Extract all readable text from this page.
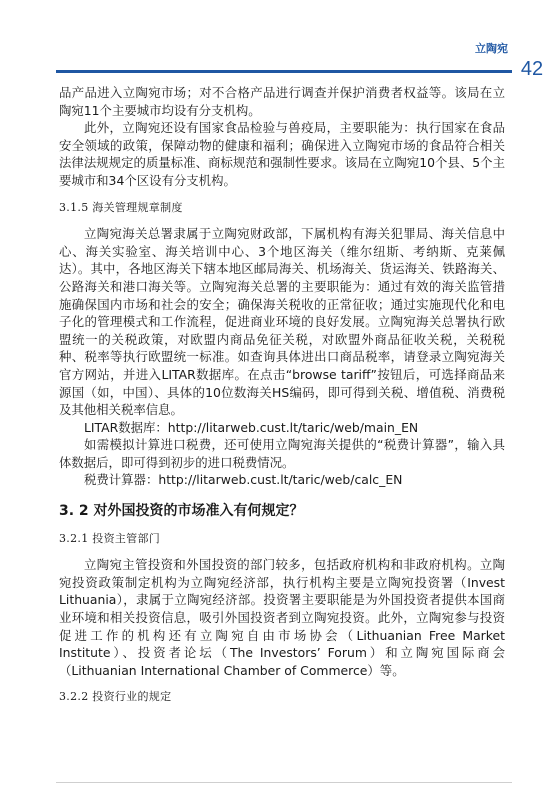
立陶宛
42

品产品进入立陶宛市场；对不合格产品进行调查并保护消费者权益等。该局在立陶宛11个主要城市均设有分支机构。

此外，立陶宛还设有国家食品检验与兽疫局，主要职能为：执行国家在食品安全领域的政策，保障动物的健康和福利；确保进入立陶宛市场的食品符合相关法律法规规定的质量标准、商标规范和强制性要求。该局在立陶宛10个县、5个主要城市和34个区设有分支机构。

3.1.5 海关管理规章制度

立陶宛海关总署隶属于立陶宛财政部，下属机构有海关犯罪局、海关信息中心、海关实验室、海关培训中心、3个地区海关（维尔纽斯、考纳斯、克莱佩达）。其中，各地区海关下辖本地区邮局海关、机场海关、货运海关、铁路海关、公路海关和港口海关等。立陶宛海关总署的主要职能为：通过有效的海关监管措施确保国内市场和社会的安全；确保海关税收的正常征收；通过实施现代化和电子化的管理模式和工作流程，促进商业环境的良好发展。立陶宛海关总署执行欧盟统一的关税政策，对欧盟内商品免征关税，对欧盟外商品征收关税，关税税种、税率等执行欧盟统一标准。如查询具体进出口商品税率，请登录立陶宛海关官方网站，并进入LITAR数据库。在点击“browse tariff”按钮后，可选择商品来源国（如，中国）、具体的10位数海关HS编码，即可得到关税、增值税、消费税及其他相关税率信息。

LITAR数据库：http://litarweb.cust.lt/taric/web/main_EN

如需模拟计算进口税费，还可使用立陶宛海关提供的“税费计算器”，输入具体数据后，即可得到初步的进口税费情况。

税费计算器：http://litarweb.cust.lt/taric/web/calc_EN

3. 2 对外国投资的市场准入有何规定？
3.2.1 投资主管部门

立陶宛主管投资和外国投资的部门较多，包括政府机构和非政府机构。立陶宛投资政策制定机构为立陶宛经济部，执行机构主要是立陶宛投资署（Invest Lithuania），隶属于立陶宛经济部。投资署主要职能是为外国投资者提供本国商业环境和相关投资信息，吸引外国投资者到立陶宛投资。此外，立陶宛参与投资促进工作的机构还有立陶宛自由市场协会（Lithuanian Free Market Institute）、投资者论坛（The Investors’ Forum）和立陶宛国际商会（Lithuanian International Chamber of Commerce）等。

3.2.2 投资行业的规定
